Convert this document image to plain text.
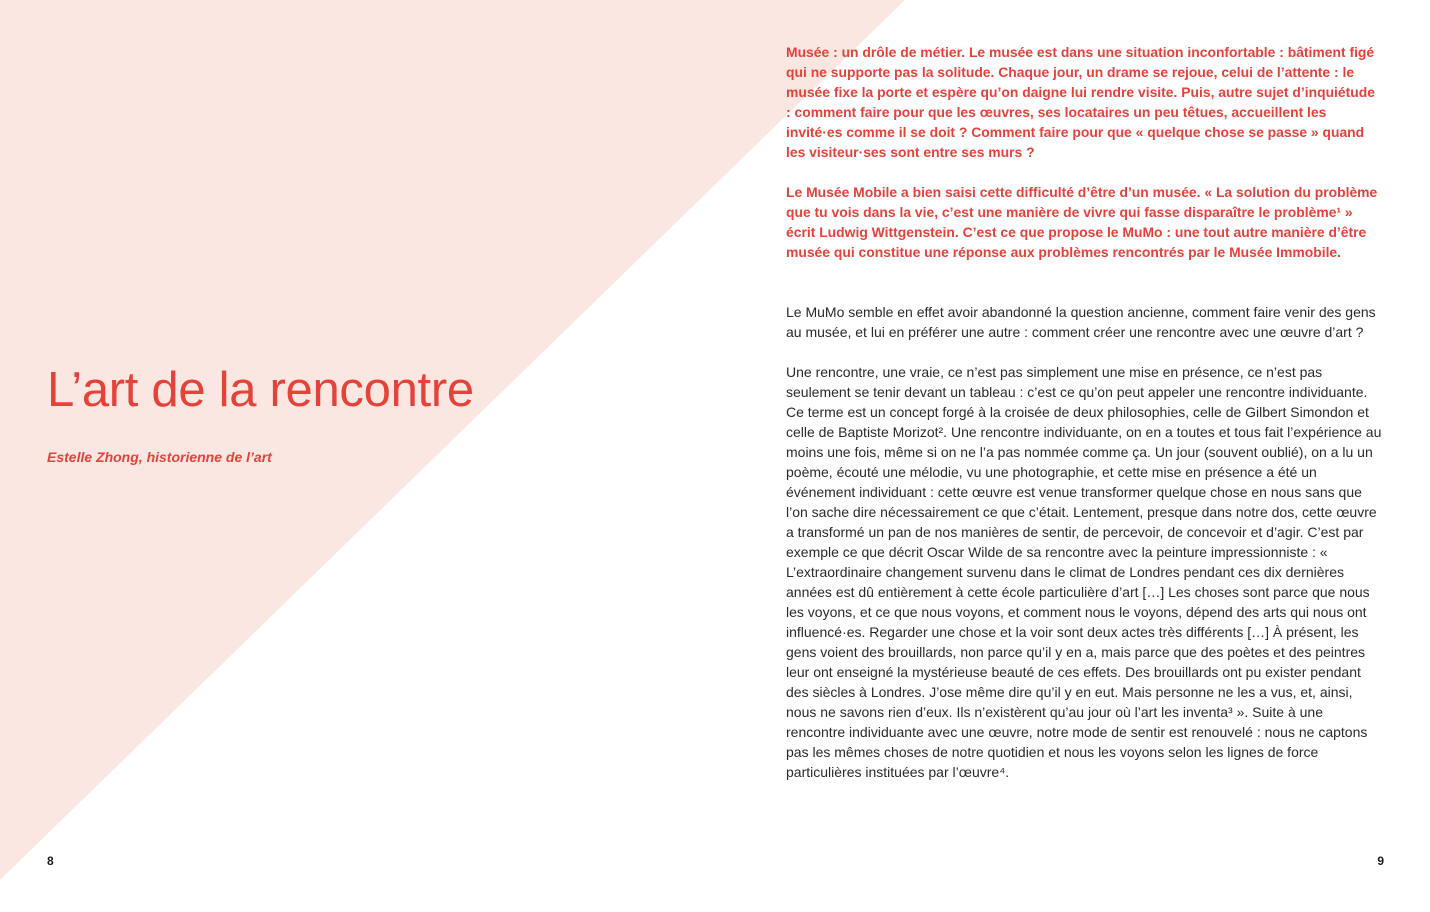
L’art de la rencontre

Estelle Zhong, historienne de l’art

8

Musée : un drôle de métier. Le musée est dans une situation inconfortable : bâtiment figé qui ne supporte pas la solitude. Chaque jour, un drame se rejoue, celui de l’attente : le musée fixe la porte et espère qu’on daigne lui rendre visite. Puis, autre sujet d’inquiétude : comment faire pour que les œuvres, ses locataires un peu têtues, accueillent les invité·es comme il se doit ? Comment faire pour que « quelque chose se passe » quand les visiteur·ses sont entre ses murs ?

Le Musée Mobile a bien saisi cette difficulté d’être d’un musée. « La solution du problème que tu vois dans la vie, c’est une manière de vivre qui fasse disparaître le problème¹ » écrit Ludwig Wittgenstein. C’est ce que propose le MuMo : une tout autre manière d’être musée qui constitue une réponse aux problèmes rencontrés par le Musée Immobile.

Le MuMo semble en effet avoir abandonné la question ancienne, comment faire venir des gens au musée, et lui en préférer une autre : comment créer une rencontre avec une œuvre d’art ?

Une rencontre, une vraie, ce n’est pas simplement une mise en présence, ce n’est pas seulement se tenir devant un tableau : c’est ce qu’on peut appeler une rencontre individuante. Ce terme est un concept forgé à la croisée de deux philosophies, celle de Gilbert Simondon et celle de Baptiste Morizot². Une rencontre individuante, on en a toutes et tous fait l’expérience au moins une fois, même si on ne l’a pas nommée comme ça. Un jour (souvent oublié), on a lu un poème, écouté une mélodie, vu une photographie, et cette mise en présence a été un événement individuant : cette œuvre est venue transformer quelque chose en nous sans que l’on sache dire nécessairement ce que c’était. Lentement, presque dans notre dos, cette œuvre a transformé un pan de nos manières de sentir, de percevoir, de concevoir et d’agir. C’est par exemple ce que décrit Oscar Wilde de sa rencontre avec la peinture impressionniste : « L’extraordinaire changement survenu dans le climat de Londres pendant ces dix dernières années est dû entièrement à cette école particulière d’art […] Les choses sont parce que nous les voyons, et ce que nous voyons, et comment nous le voyons, dépend des arts qui nous ont influencé·es. Regarder une chose et la voir sont deux actes très différents […] À présent, les gens voient des brouillards, non parce qu’il y en a, mais parce que des poètes et des peintres leur ont enseigné la mystérieuse beauté de ces effets. Des brouillards ont pu exister pendant des siècles à Londres. J’ose même dire qu’il y en eut. Mais personne ne les a vus, et, ainsi, nous ne savons rien d’eux. Ils n’existèrent qu’au jour où l’art les inventa³ ». Suite à une rencontre individuante avec une œuvre, notre mode de sentir est renouvelé : nous ne captons pas les mêmes choses de notre quotidien et nous les voyons selon les lignes de force particulières instituées par l’œuvre⁴.

9
